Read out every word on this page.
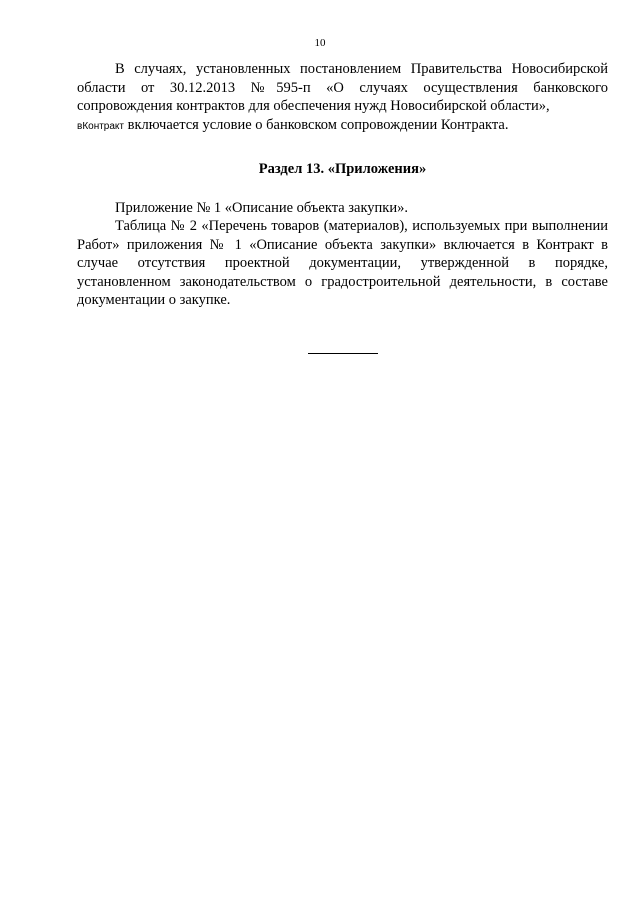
10

В случаях, установленных постановлением Правительства Новосибирской области от 30.12.2013 №595-п «О случаях осуществления банковского сопровождения контрактов для обеспечения нужд Новосибирской области»,
вКонтракт включается условие о банковском сопровождении Контракта.

Раздел 13. «Приложения»

Приложение № 1 «Описание объекта закупки».

Таблица № 2 «Перечень товаров (материалов), используемых при выполнении Работ» приложения № 1 «Описание объекта закупки» включается в Контракт в случае отсутствия проектной документации, утвержденной в порядке, установленном законодательством о градостроительной деятельности, в составе документации о закупке.
